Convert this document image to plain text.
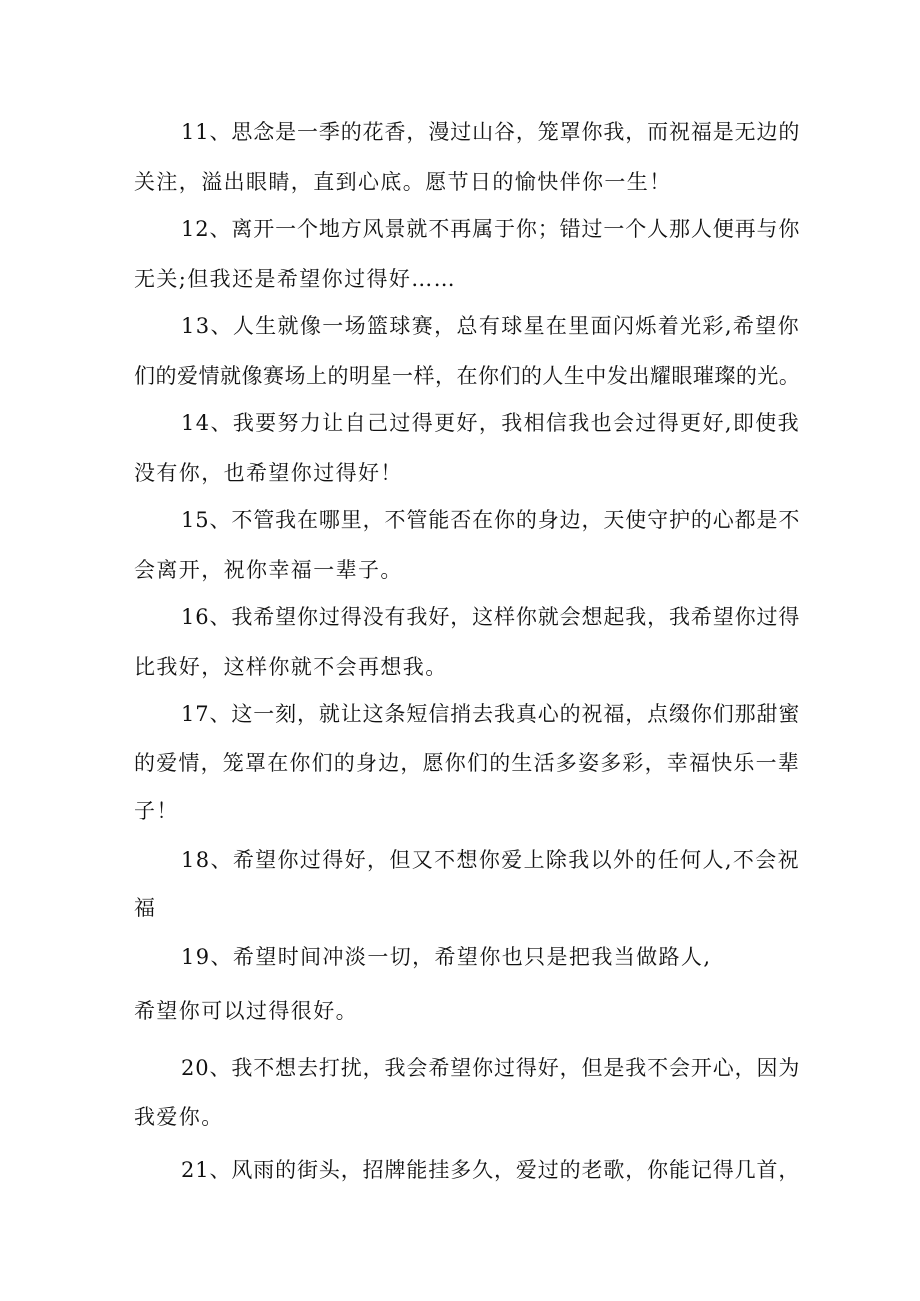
11、思念是一季的花香，漫过山谷，笼罩你我，而祝福是无边的
关注，溢出眼睛，直到心底。愿节日的愉快伴你一生！
12、离开一个地方风景就不再属于你；错过一个人那人便再与你
无关;但我还是希望你过得好……
13、人生就像一场篮球赛，总有球星在里面闪烁着光彩,希望你
们的爱情就像赛场上的明星一样，在你们的人生中发出耀眼璀璨的光。
14、我要努力让自己过得更好，我相信我也会过得更好,即使我
没有你，也希望你过得好！
15、不管我在哪里，不管能否在你的身边，天使守护的心都是不
会离开，祝你幸福一辈子。
16、我希望你过得没有我好，这样你就会想起我，我希望你过得
比我好，这样你就不会再想我。
17、这一刻，就让这条短信捎去我真心的祝福，点缀你们那甜蜜
的爱情，笼罩在你们的身边，愿你们的生活多姿多彩，幸福快乐一辈
子！
18、希望你过得好，但又不想你爱上除我以外的任何人,不会祝
福
19、希望时间冲淡一切，希望你也只是把我当做路人,
希望你可以过得很好。
20、我不想去打扰，我会希望你过得好，但是我不会开心，因为
我爱你。
21、风雨的街头，招牌能挂多久，爱过的老歌，你能记得几首，
